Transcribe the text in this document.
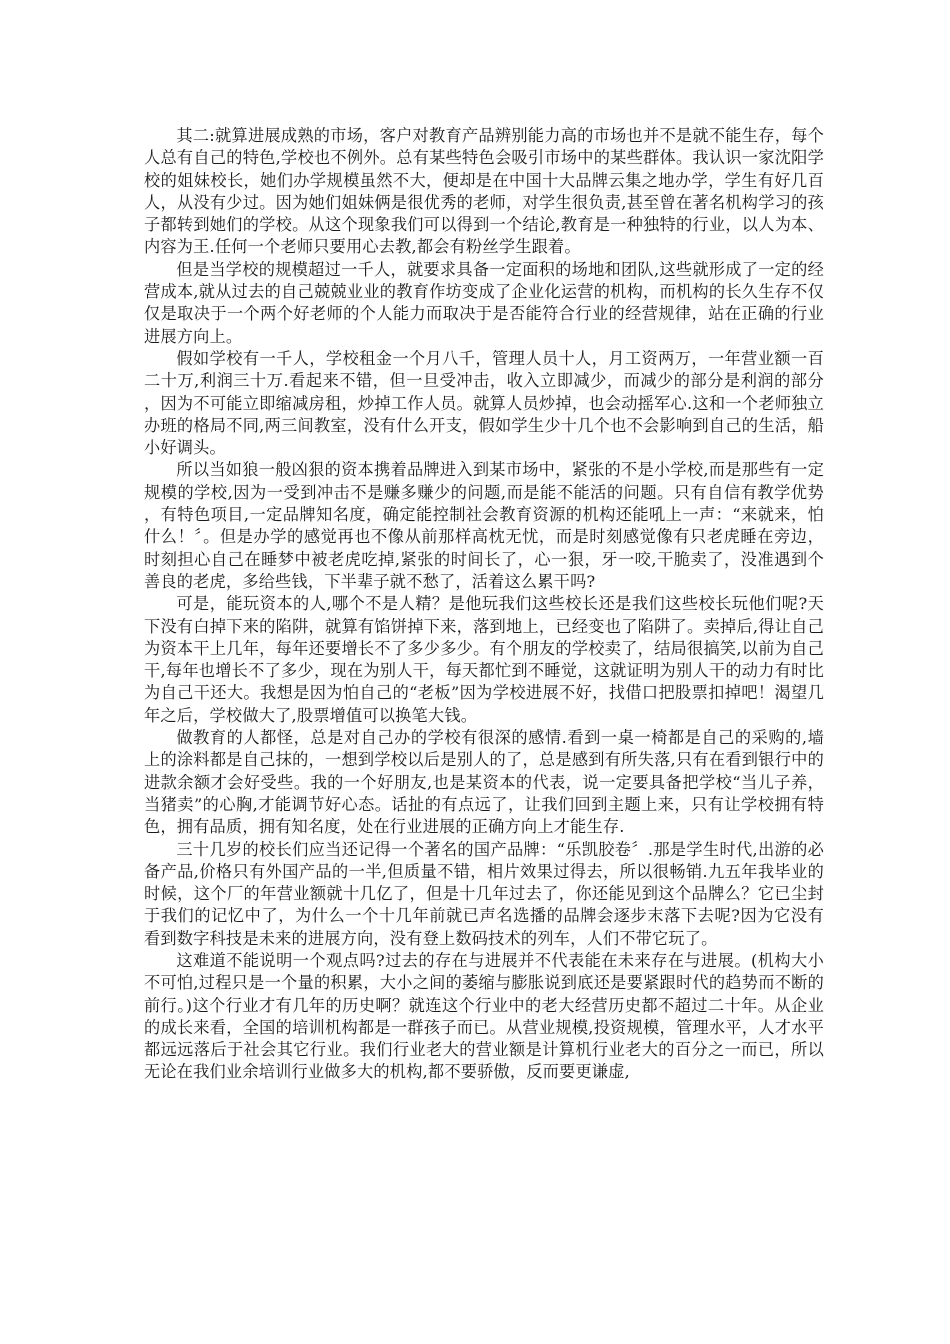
其二:就算进展成熟的市场，客户对教育产品辨别能力高的市场也并不是就不能生存，每个人总有自己的特色,学校也不例外。总有某些特色会吸引市场中的某些群体。我认识一家沈阳学校的姐妹校长，她们办学规模虽然不大，便却是在中国十大品牌云集之地办学，学生有好几百人，从没有少过。因为她们姐妹俩是很优秀的老师，对学生很负责,甚至曾在著名机构学习的孩子都转到她们的学校。从这个现象我们可以得到一个结论,教育是一种独特的行业，以人为本、内容为王.任何一个老师只要用心去教,都会有粉丝学生跟着。

但是当学校的规模超过一千人，就要求具备一定面积的场地和团队,这些就形成了一定的经营成本,就从过去的自己兢兢业业的教育作坊变成了企业化运营的机构，而机构的长久生存不仅仅是取决于一个两个好老师的个人能力而取决于是否能符合行业的经营规律，站在正确的行业进展方向上。

假如学校有一千人，学校租金一个月八千，管理人员十人，月工资两万，一年营业额一百二十万,利润三十万.看起来不错，但一旦受冲击，收入立即减少，而减少的部分是利润的部分，因为不可能立即缩减房租，炒掉工作人员。就算人员炒掉，也会动摇军心.这和一个老师独立办班的格局不同,两三间教室，没有什么开支，假如学生少十几个也不会影响到自己的生活，船小好调头。

所以当如狼一般凶狠的资本携着品牌进入到某市场中，紧张的不是小学校,而是那些有一定规模的学校,因为一受到冲击不是赚多赚少的问题,而是能不能活的问题。只有自信有教学优势，有特色项目,一定品牌知名度，确定能控制社会教育资源的机构还能吼上一声：“来就来，怕什么！〞。但是办学的感觉再也不像从前那样高枕无忧，而是时刻感觉像有只老虎睡在旁边，时刻担心自己在睡梦中被老虎吃掉,紧张的时间长了，心一狠，牙一咬,干脆卖了，没准遇到个善良的老虎，多给些钱，下半辈子就不愁了，活着这么累干吗?

可是，能玩资本的人,哪个不是人精？是他玩我们这些校长还是我们这些校长玩他们呢?天下没有白掉下来的陷阱，就算有馅饼掉下来，落到地上，已经变也了陷阱了。卖掉后,得让自己为资本干上几年，每年还要增长不了多少多少。有个朋友的学校卖了，结局很搞笑,以前为自己干,每年也增长不了多少，现在为别人干，每天都忙到不睡觉，这就证明为别人干的动力有时比为自己干还大。我想是因为怕自己的“老板”因为学校进展不好，找借口把股票扣掉吧！渴望几年之后，学校做大了,股票增值可以换笔大钱。

做教育的人都怪，总是对自己办的学校有很深的感情.看到一桌一椅都是自己的采购的,墙上的涂料都是自己抹的，一想到学校以后是别人的了，总是感到有所失落,只有在看到银行中的进款余额才会好受些。我的一个好朋友,也是某资本的代表，说一定要具备把学校“当儿子养，当猪卖”的心胸,才能调节好心态。话扯的有点远了，让我们回到主题上来，只有让学校拥有特色，拥有品质，拥有知名度，处在行业进展的正确方向上才能生存.

三十几岁的校长们应当还记得一个著名的国产品牌：“乐凯胶卷〞.那是学生时代,出游的必备产品,价格只有外国产品的一半,但质量不错，相片效果过得去，所以很畅销.九五年我毕业的时候，这个厂的年营业额就十几亿了，但是十几年过去了，你还能见到这个品牌么？它已尘封于我们的记忆中了，为什么一个十几年前就已声名选播的品牌会逐步末落下去呢?因为它没有看到数字科技是未来的进展方向，没有登上数码技术的列车，人们不带它玩了。

这难道不能说明一个观点吗?过去的存在与进展并不代表能在未来存在与进展。(机构大小不可怕,过程只是一个量的积累，大小之间的萎缩与膨胀说到底还是要紧跟时代的趋势而不断的前行。)这个行业才有几年的历史啊？就连这个行业中的老大经营历史都不超过二十年。从企业的成长来看，全国的培训机构都是一群孩子而已。从营业规模,投资规模，管理水平，人才水平都远远落后于社会其它行业。我们行业老大的营业额是计算机行业老大的百分之一而已，所以无论在我们业余培训行业做多大的机构,都不要骄傲，反而要更谦虚,
